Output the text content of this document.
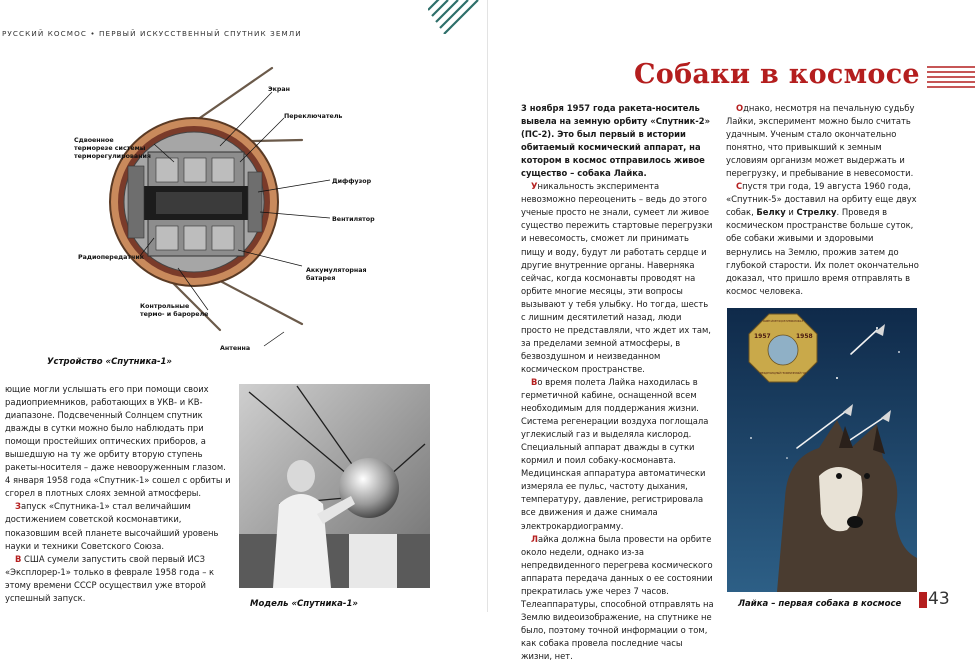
РУССКИЙ КОСМОС • ПЕРВЫЙ ИСКУССТВЕННЫЙ СПУТНИК ЗЕМЛИ
Экран
Переключатель
Сдвоенное
терморезе системы
терморегулирования
Диффузор
Вентилятор
Радиопередатчик
Аккумуляторная
батарея
Контрольные
термо- и барореле
Антенна
Устройство «Спутника-1»

ющие могли услышать его при помощи своих радиоприемников, работающих в УКВ- и КВ-диапазоне. Подсвеченный Солнцем спутник дважды в сутки можно было наблюдать при помощи простейших оптических приборов, а вышедшую на ту же орбиту вторую ступень ракеты-носителя – даже невооруженным глазом. 4 января 1958 года «Спутник-1» сошел с орбиты и сгорел в плотных слоях земной атмосферы.

Запуск «Спутника-1» стал величайшим достижением советской космонавтики, показовшим всей планете высочайший уровень науки и техники Советского Союза.

В США сумели запустить свой первый ИСЗ «Эксплорер-1» только в феврале 1958 года – к этому времени СССР осуществил уже второй успешный запуск.

Модель «Спутника-1»
Собаки в космосе

3 ноября 1957 года ракета-носитель вывела на земную орбиту «Спутник-2» (ПС-2). Это был первый в истории обитаемый космический аппарат, на котором в космос отправилось живое существо – собака Лайка.

Уникальность эксперимента невозможно переоценить – ведь до этого ученые просто не знали, сумеет ли живое существо пережить стартовые перегрузки и невесомость, сможет ли принимать пищу и воду, будут ли работать сердце и другие внутренние органы. Наверняка сейчас, когда космонавты проводят на орбите многие месяцы, эти вопросы вызывают у тебя улыбку. Но тогда, шесть с лишним десятилетий назад, люди просто не представляли, что ждет их там, за пределами земной атмосферы, в безвоздушном и неизведанном космическом пространстве.

Во время полета Лайка находилась в герметичной кабине, оснащенной всем необходимым для поддержания жизни. Система регенерации воздуха поглощала углекислый газ и выделяла кислород. Специальный аппарат дважды в сутки кормил и поил собаку-космонавта. Медицинская аппаратура автоматически измеряла ее пульс, частоту дыхания, температуру, давление, регистрировала все движения и даже снимала электрокардиограмму.

Лайка должна была провести на орбите около недели, однако из-за непредвиденного перегрева космического аппарата передача данных о ее состоянии прекратилась уже через 7 часов. Телеаппаратуры, способной отправлять на Землю видеоизображение, на спутнике не было, поэтому точной информации о том, как собака провела последние часы жизни, нет.

Однако, несмотря на печальную судьбу Лайки, эксперимент можно было считать удачным. Ученым стало окончательно понятно, что привыкший к земным условиям организм может выдержать и перегрузку, и пребывание в невесомости.

Спустя три года, 19 августа 1960 года, «Спутник-5» доставил на орбиту еще двух собак, Белку и Стрелку. Проведя в космическом пространстве больше суток, обе собаки живыми и здоровыми вернулись на Землю, прожив затем до глубокой старости. Их полет окончательно доказал, что пришло время отправлять в космос человека.

1957	1958
ANNÉE GÉOPHYSIQUE INTERNATIONALE
МЕЖДУНАРОДНЫЙ ГЕОФИЗИЧЕСКИЙ ГОД
Лайка – первая собака в космосе 43
